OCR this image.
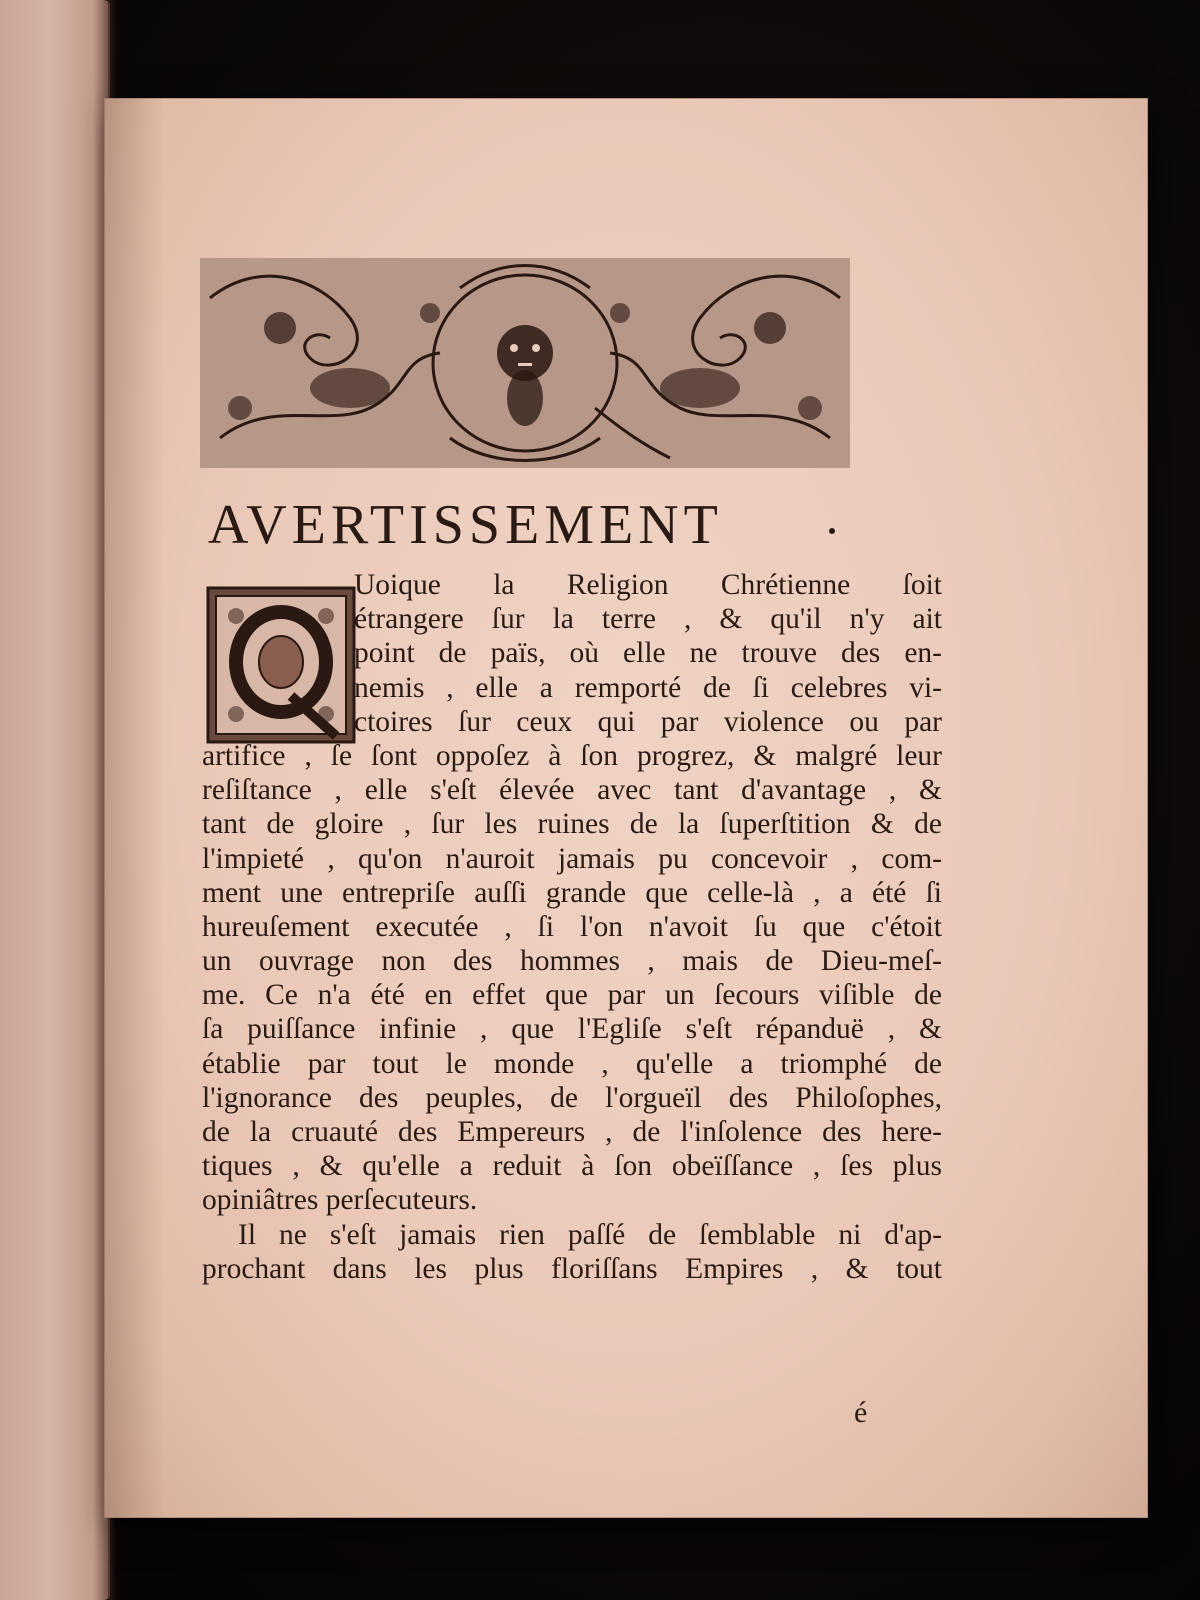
AVERTISSEMENT
Uoique la Religion Chrétienne ſoit
étrangere ſur la terre , & qu'il n'y ait
point de païs, où elle ne trouve des en-
nemis , elle a remporté de ſi celebres vi-
ctoires ſur ceux qui par violence ou par
artifice , ſe ſont oppoſez à ſon progrez, & malgré leur
reſiſtance , elle s'eſt élevée avec tant d'avantage , &
tant de gloire , ſur les ruines de la ſuperſtition & de
l'impieté , qu'on n'auroit jamais pu concevoir , com-
ment une entrepriſe auſſi grande que celle-là , a été ſi
hureuſement executée , ſi l'on n'avoit ſu que c'étoit
un ouvrage non des hommes , mais de Dieu-meſ-
me. Ce n'a été en effet que par un ſecours viſible de
ſa puiſſance infinie , que l'Egliſe s'eſt répanduë , &
établie par tout le monde , qu'elle a triomphé de
l'ignorance des peuples, de l'orgueïl des Philoſophes,
de la cruauté des Empereurs , de l'inſolence des here-
tiques , & qu'elle a reduit à ſon obeïſſance , ſes plus
opiniâtres perſecuteurs.
Il ne s'eſt jamais rien paſſé de ſemblable ni d'ap-
prochant dans les plus floriſſans Empires , & tout
é
